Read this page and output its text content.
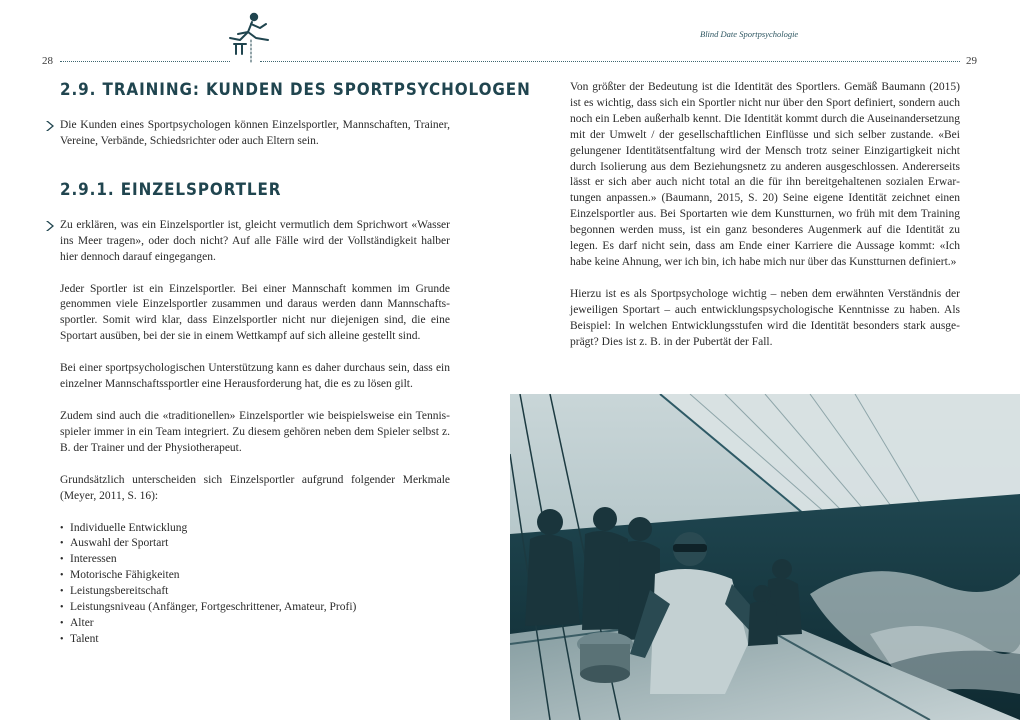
28	29
Blind Date Sportpsychologie
2.9. TRAINING: KUNDEN DES SPORTPSYCHOLOGEN

Die Kunden eines Sportpsychologen können Einzelsportler, Mannschaften, Trainer, Vereine, Verbände, Schiedsrichter oder auch Eltern sein.

2.9.1. EINZELSPORTLER

Zu erklären, was ein Einzelsportler ist, gleicht vermutlich dem Sprichwort «Wasser ins Meer tragen», oder doch nicht? Auf alle Fälle wird der Vollständigkeit halber hier dennoch darauf eingegangen.

Jeder Sportler ist ein Einzelsportler. Bei einer Mannschaft kommen im Grunde genommen viele Einzelsportler zusammen und daraus werden dann Mannschaftssportler. Somit wird klar, dass Einzelsportler nicht nur diejenigen sind, die eine Sportart ausüben, bei der sie in einem Wettkampf auf sich alleine gestellt sind.

Bei einer sportpsychologischen Unterstützung kann es daher durchaus sein, dass ein einzelner Mannschaftssportler eine Herausforderung hat, die es zu lösen gilt.

Zudem sind auch die «traditionellen» Einzelsportler wie beispielsweise ein Tennisspieler immer in ein Team integriert. Zu diesem gehören neben dem Spieler selbst z. B. der Trainer und der Physiotherapeut.

Grundsätzlich unterscheiden sich Einzelsportler aufgrund folgender Merkmale (Meyer, 2011, S. 16):

• Individuelle Entwicklung
• Auswahl der Sportart
• Interessen
• Motorische Fähigkeiten
• Leistungsbereitschaft
• Leistungsniveau (Anfänger, Fortgeschrittener, Amateur, Profi)
• Alter
• Talent

Von größter der Bedeutung ist die Identität des Sportlers. Gemäß Baumann (2015) ist es wichtig, dass sich ein Sportler nicht nur über den Sport definiert, sondern auch noch ein Leben außerhalb kennt. Die Identität kommt durch die Auseinandersetzung mit der Umwelt / der gesellschaftlichen Einflüsse und sich selber zustande. «Bei gelungener Identitätsentfaltung wird der Mensch trotz seiner Einzigartigkeit nicht durch Isolierung aus dem Beziehungsnetz zu anderen ausgeschlossen. Andererseits lässt er sich aber auch nicht total an die für ihn bereitgehaltenen sozialen Erwartungen anpassen.» (Baumann, 2015, S. 20) Seine eigene Identität zeichnet einen Einzelsportler aus. Bei Sportarten wie dem Kunstturnen, wo früh mit dem Training begonnen werden muss, ist ein ganz besonderes Augenmerk auf die Identität zu legen. Es darf nicht sein, dass am Ende einer Karriere die Aussage kommt: «Ich habe keine Ahnung, wer ich bin, ich habe mich nur über das Kunstturnen definiert.»

Hierzu ist es als Sportpsychologe wichtig – neben dem erwähnten Verständnis der jeweiligen Sportart – auch entwicklungspsychologische Kenntnisse zu haben. Als Beispiel: In welchen Entwicklungsstufen wird die Identität besonders stark ausgeprägt? Dies ist z. B. in der Pubertät der Fall.
